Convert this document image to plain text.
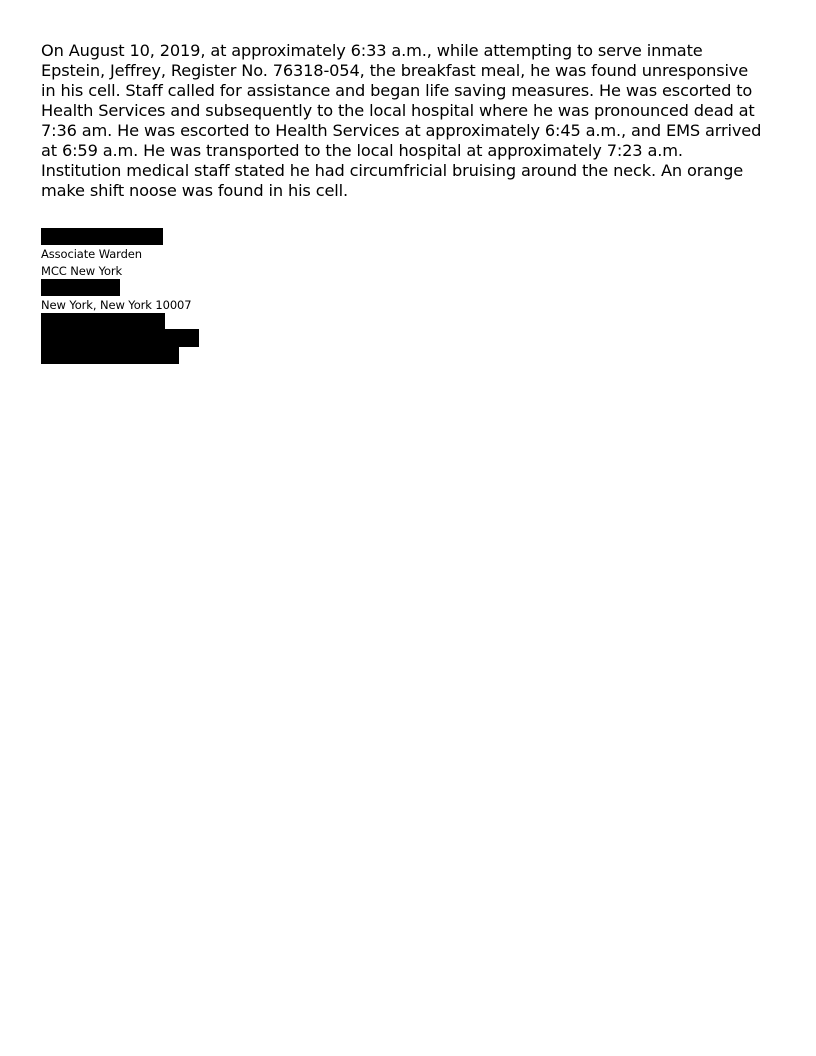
On August 10, 2019, at approximately 6:33 a.m., while attempting to serve inmate
Epstein, Jeffrey, Register No. 76318-054, the breakfast meal, he was found unresponsive
in his cell. Staff called for assistance and began life saving measures. He was escorted to
Health Services and subsequently to the local hospital where he was pronounced dead at
7:36 am. He was escorted to Health Services at approximately 6:45 a.m., and EMS arrived
at 6:59 a.m. He was transported to the local hospital at approximately 7:23 a.m.
Institution medical staff stated he had circumfricial bruising around the neck. An orange
make shift noose was found in his cell.
Associate Warden
MCC New York
New York, New York 10007
